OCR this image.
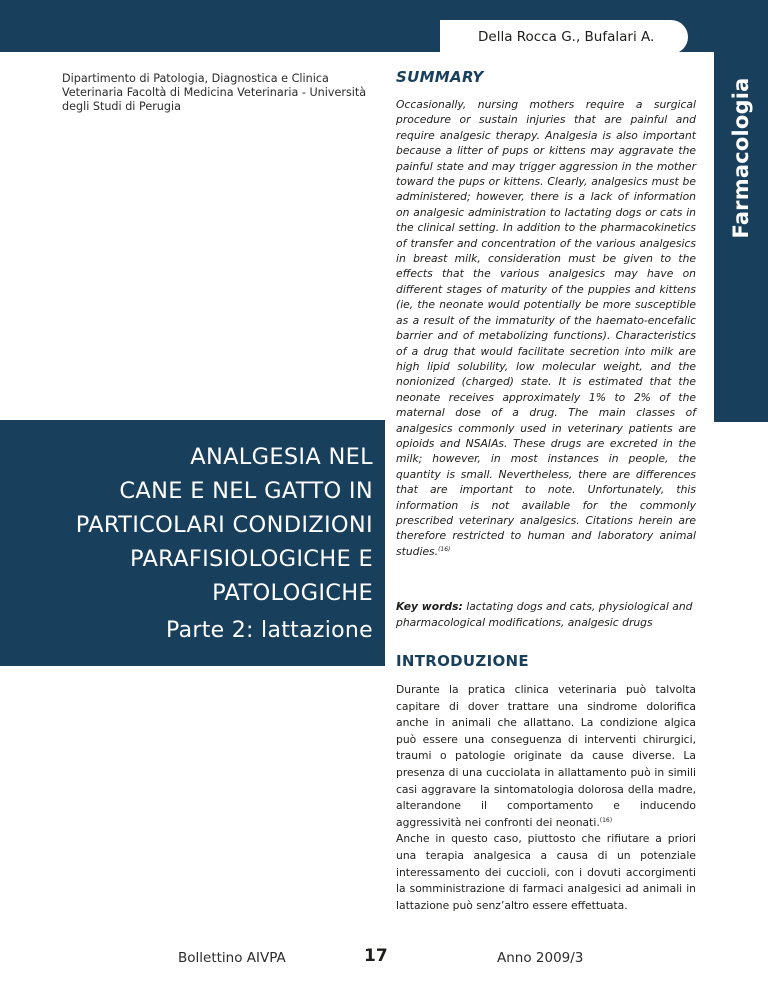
Della Rocca G., Bufalari A.
Farmacologia
Dipartimento di Patologia, Diagnostica e Clinica Veterinaria Facoltà di Medicina Veterinaria - Università degli Studi di Perugia
ANALGESIA NEL
CANE E NEL GATTO IN
PARTICOLARI CONDIZIONI
PARAFISIOLOGICHE E
PATOLOGICHE
Parte 2: lattazione
SUMMARY
Occasionally, nursing mothers require a surgical procedure or sustain injuries that are painful and require analgesic therapy. Analgesia is also important because a litter of pups or kittens may aggravate the painful state and may trigger aggression in the mother toward the pups or kittens. Clearly, analgesics must be administered; however, there is a lack of information on analgesic administration to lactating dogs or cats in the clinical setting. In addition to the pharmacokinetics of transfer and concentration of the various analgesics in breast milk, consideration must be given to the effects that the various analgesics may have on different stages of maturity of the puppies and kittens (ie, the neonate would potentially be more susceptible as a result of the immaturity of the haemato-encefalic barrier and of metabolizing functions). Characteristics of a drug that would facilitate secretion into milk are high lipid solubility, low molecular weight, and the nonionized (charged) state. It is estimated that the neonate receives approximately 1% to 2% of the maternal dose of a drug. The main classes of analgesics commonly used in veterinary patients are opioids and NSAIAs. These drugs are excreted in the milk; however, in most instances in people, the quantity is small. Nevertheless, there are differences that are important to note. Unfortunately, this information is not available for the commonly prescribed veterinary analgesics. Citations herein are therefore restricted to human and laboratory animal studies.$^{(16)}$
Key words: lactating dogs and cats, physiological and pharmacological modifications, analgesic drugs
INTRODUZIONE

Durante la pratica clinica veterinaria può talvolta capitare di dover trattare una sindrome dolorifica anche in animali che allattano. La condizione algica può essere una conseguenza di interventi chirurgici, traumi o patologie originate da cause diverse. La presenza di una cucciolata in allattamento può in simili casi aggravare la sintomatologia dolorosa della madre, alterandone il comportamento e inducendo aggressività nei confronti dei neonati.$^{(16)}$

Anche in questo caso, piuttosto che rifiutare a priori una terapia analgesica a causa di un potenziale interessamento dei cuccioli, con i dovuti accorgimenti la somministrazione di farmaci analgesici ad animali in lattazione può senz’altro essere effettuata.

Bollettino AIVPA	17	Anno 2009/3
